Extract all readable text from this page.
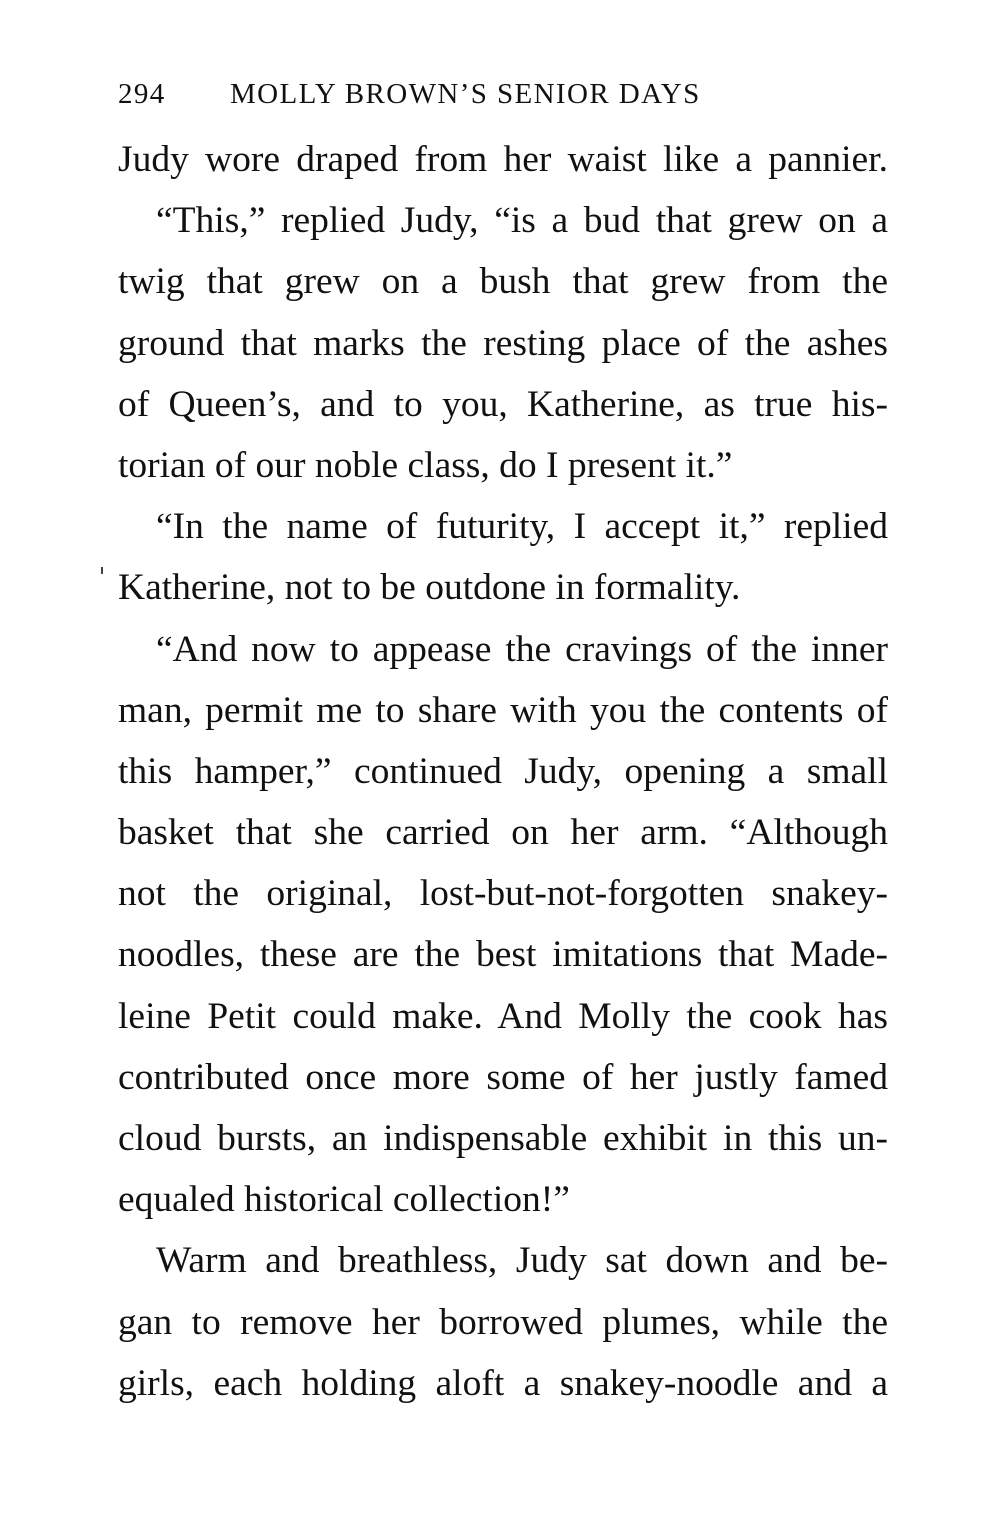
294 MOLLY BROWN’S SENIOR DAYS
Judy wore draped from her waist like a pannier.
“This,” replied Judy, “is a bud that grew on a
twig that grew on a bush that grew from the
ground that marks the resting place of the ashes
of Queen’s, and to you, Katherine, as true his-
torian of our noble class, do I present it.”
“In the name of futurity, I accept it,” replied
Katherine, not to be outdone in formality.
“And now to appease the cravings of the inner
man, permit me to share with you the contents of
this hamper,” continued Judy, opening a small
basket that she carried on her arm. “Although
not the original, lost-but-not-forgotten snakey-
noodles, these are the best imitations that Made-
leine Petit could make. And Molly the cook has
contributed once more some of her justly famed
cloud bursts, an indispensable exhibit in this un-
equaled historical collection!”
Warm and breathless, Judy sat down and be-
gan to remove her borrowed plumes, while the
girls, each holding aloft a snakey-noodle and a
